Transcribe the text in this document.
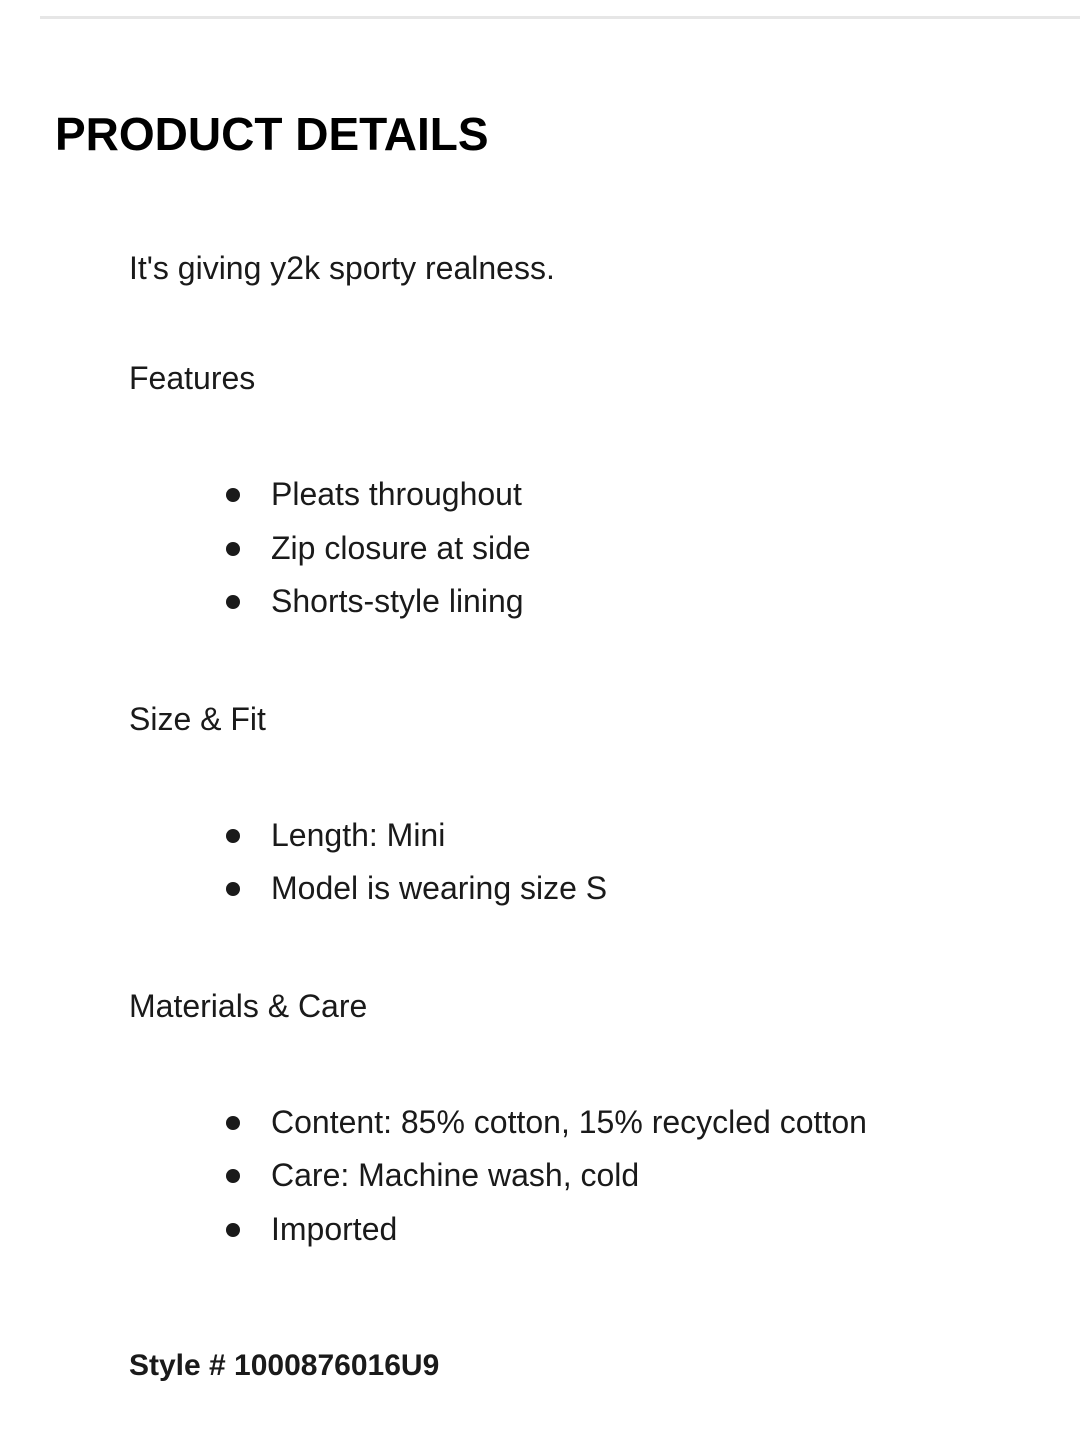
PRODUCT DETAILS

It's giving y2k sporty realness.

Features

Pleats throughout
Zip closure at side
Shorts-style lining

Size & Fit

Length: Mini
Model is wearing size S

Materials & Care

Content: 85% cotton, 15% recycled cotton
Care: Machine wash, cold
Imported

Style # 1000876016U9
